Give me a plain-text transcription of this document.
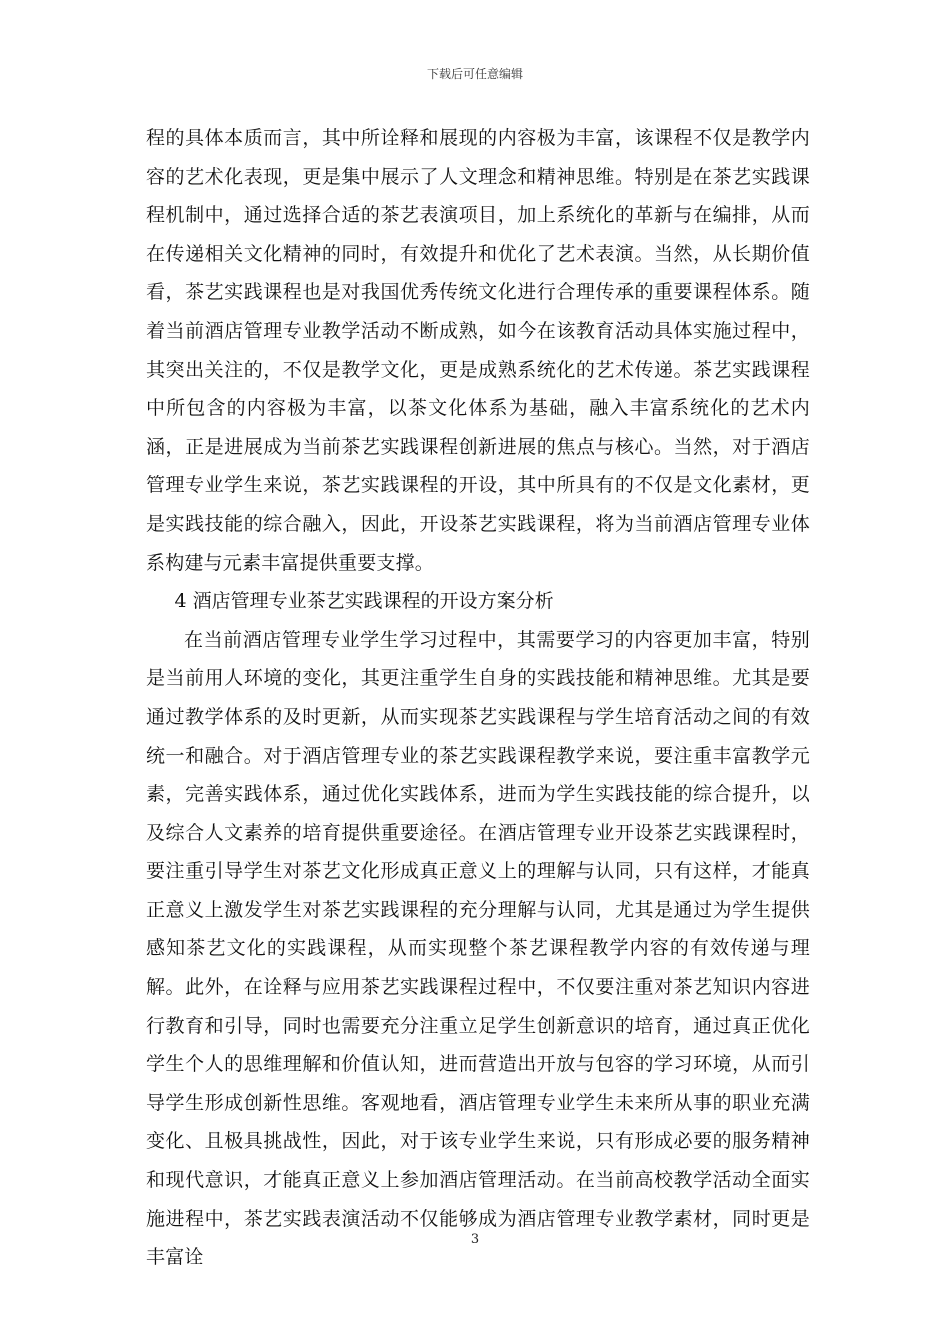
下载后可任意编辑

程的具体本质而言，其中所诠释和展现的内容极为丰富，该课程不仅是教学内容的艺术化表现，更是集中展示了人文理念和精神思维。特别是在茶艺实践课程机制中，通过选择合适的茶艺表演项目，加上系统化的革新与在编排，从而在传递相关文化精神的同时，有效提升和优化了艺术表演。当然，从长期价值看，茶艺实践课程也是对我国优秀传统文化进行合理传承的重要课程体系。随着当前酒店管理专业教学活动不断成熟，如今在该教育活动具体实施过程中，其突出关注的，不仅是教学文化，更是成熟系统化的艺术传递。茶艺实践课程中所包含的内容极为丰富，以茶文化体系为基础，融入丰富系统化的艺术内涵，正是进展成为当前茶艺实践课程创新进展的焦点与核心。当然，对于酒店管理专业学生来说，茶艺实践课程的开设，其中所具有的不仅是文化素材，更是实践技能的综合融入，因此，开设茶艺实践课程，将为当前酒店管理专业体系构建与元素丰富提供重要支撑。

4 酒店管理专业茶艺实践课程的开设方案分析

在当前酒店管理专业学生学习过程中，其需要学习的内容更加丰富，特别是当前用人环境的变化，其更注重学生自身的实践技能和精神思维。尤其是要通过教学体系的及时更新，从而实现茶艺实践课程与学生培育活动之间的有效统一和融合。对于酒店管理专业的茶艺实践课程教学来说，要注重丰富教学元素，完善实践体系，通过优化实践体系，进而为学生实践技能的综合提升，以及综合人文素养的培育提供重要途径。在酒店管理专业开设茶艺实践课程时，要注重引导学生对茶艺文化形成真正意义上的理解与认同，只有这样，才能真正意义上激发学生对茶艺实践课程的充分理解与认同，尤其是通过为学生提供感知茶艺文化的实践课程，从而实现整个茶艺课程教学内容的有效传递与理解。此外，在诠释与应用茶艺实践课程过程中，不仅要注重对茶艺知识内容进行教育和引导，同时也需要充分注重立足学生创新意识的培育，通过真正优化学生个人的思维理解和价值认知，进而营造出开放与包容的学习环境，从而引导学生形成创新性思维。客观地看，酒店管理专业学生未来所从事的职业充满变化、且极具挑战性，因此，对于该专业学生来说，只有形成必要的服务精神和现代意识，才能真正意义上参加酒店管理活动。在当前高校教学活动全面实施进程中，茶艺实践表演活动不仅能够成为酒店管理专业教学素材，同时更是丰富诠

3
